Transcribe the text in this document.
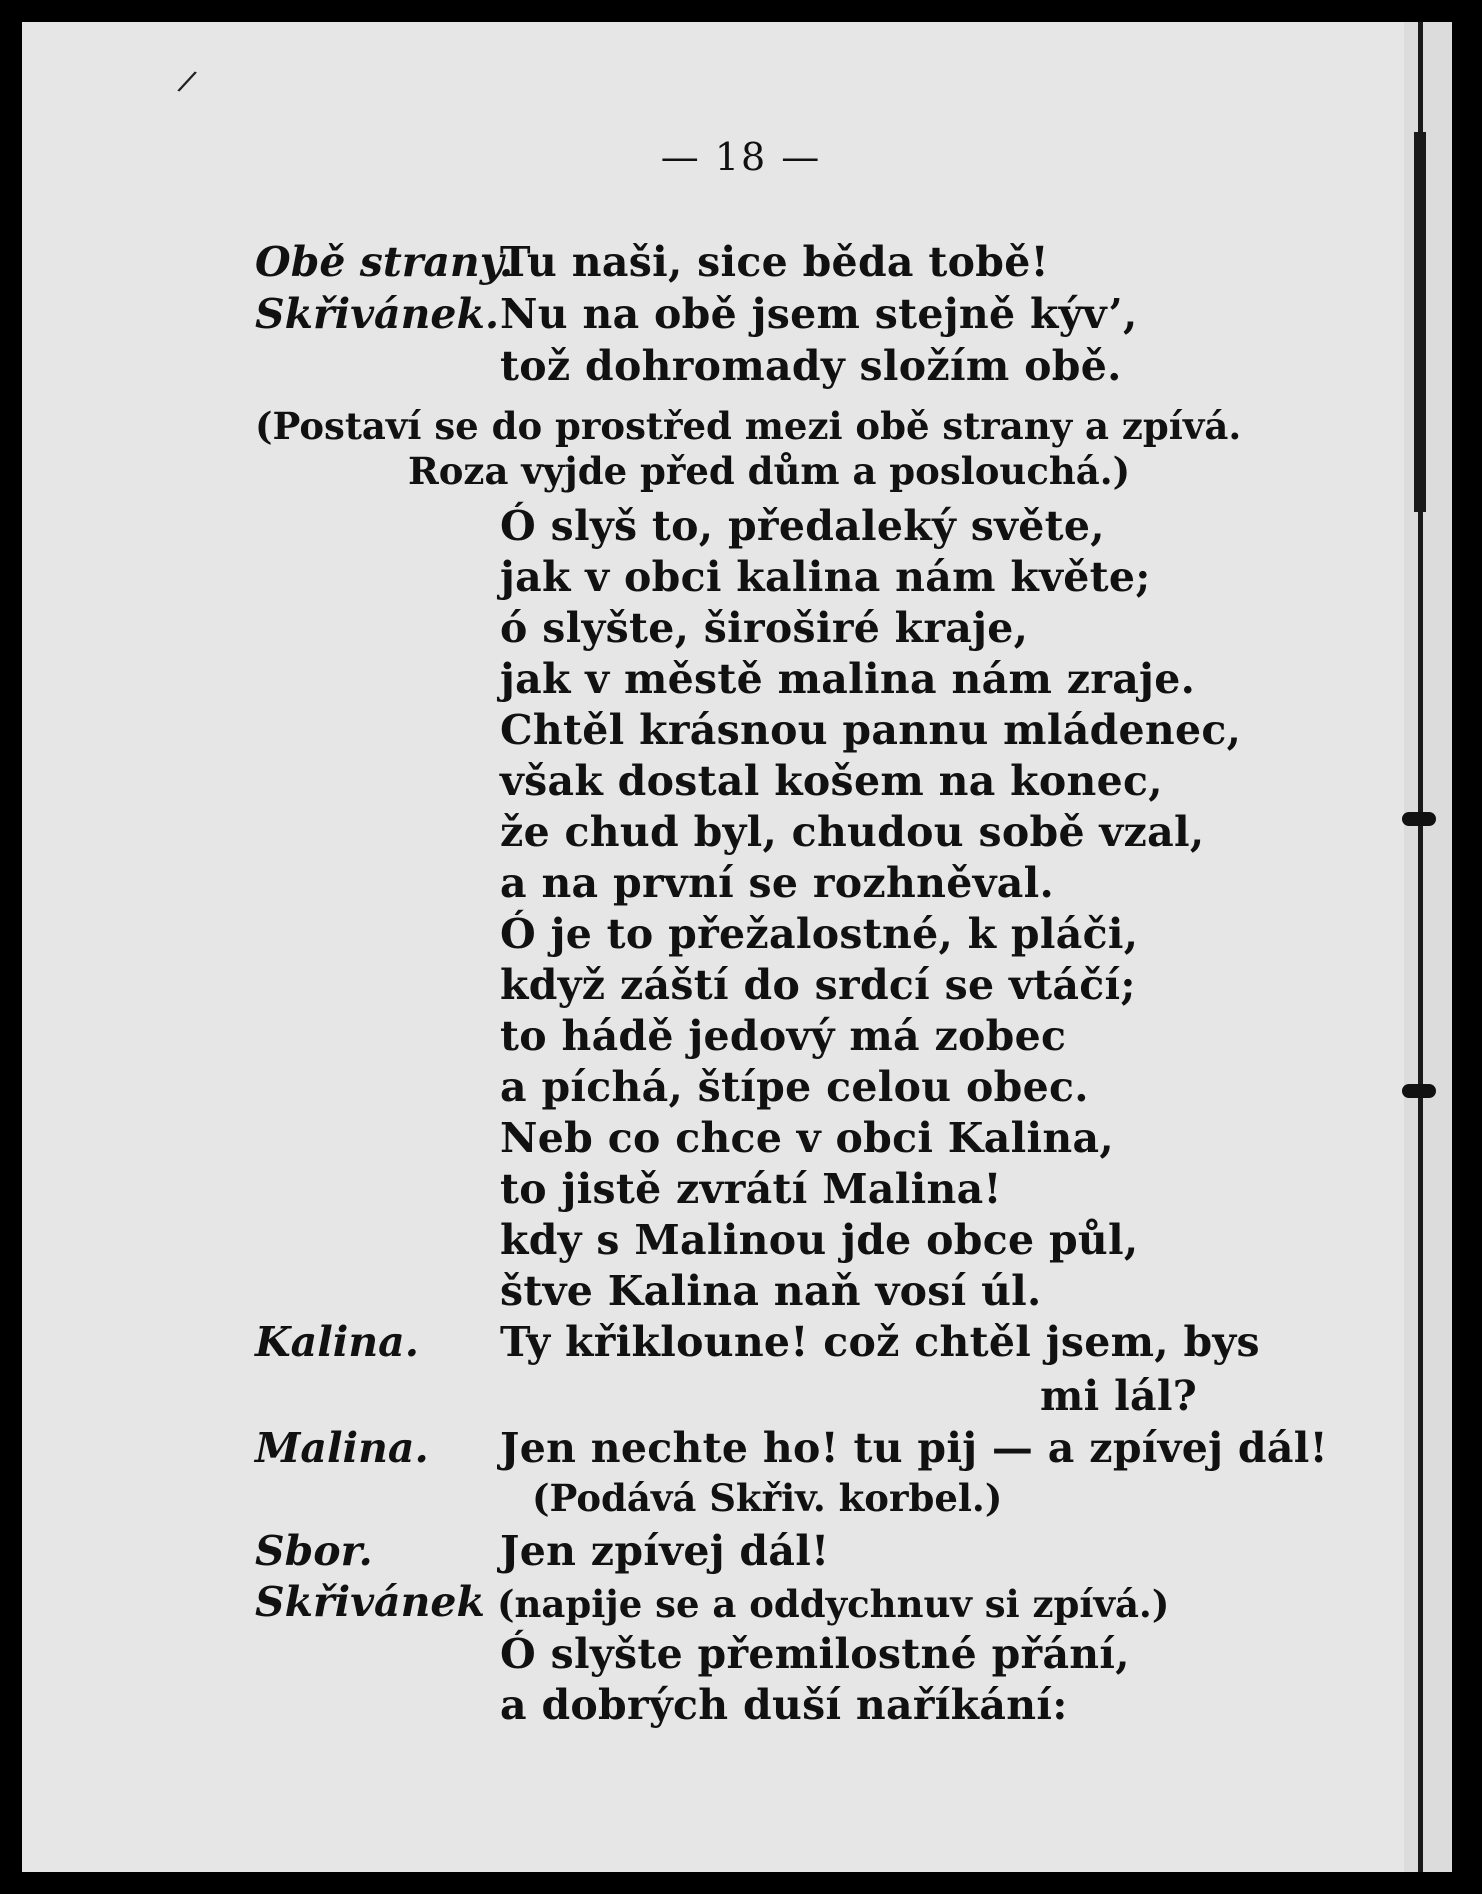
/
— 18 —
Obě strany.
Tu naši, sice běda tobě!
Skřivánek. Nu na obě jsem stejně kýv’,
tož dohromady složím obě.
(Postaví se do prostřed mezi obě strany a zpívá.
Roza vyjde před dům a poslouchá.)
Ó slyš to, předaleký světe,
jak v obci kalina nám květe;
ó slyšte, široširé kraje,
jak v městě malina nám zraje.
Chtěl krásnou pannu mládenec,
však dostal košem na konec,
že chud byl, chudou sobě vzal,
a na první se rozhněval.
Ó je to přežalostné, k pláči,
když záští do srdcí se vtáčí;
to hádě jedový má zobec
a píchá, štípe celou obec.
Neb co chce v obci Kalina,
to jistě zvrátí Malina!
kdy s Malinou jde obce půl,
štve Kalina naň vosí úl.
Kalina. Ty křikloune! což chtěl jsem, bys
mi lál?
Malina. Jen nechte ho! tu pij — a zpívej dál!
(Podává Skřiv. korbel.)
Sbor.	Jen zpívej dál!
Skřivánek (napije se a oddychnuv si zpívá.)
Ó slyšte přemilostné přání,
a dobrých duší naříkání:
